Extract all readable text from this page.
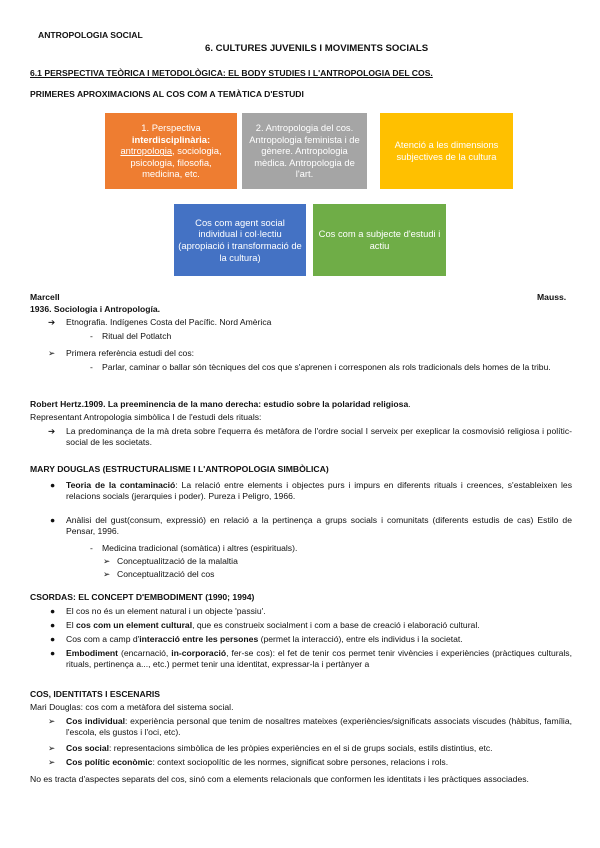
ANTROPOLOGIA SOCIAL
6. CULTURES JUVENILS I MOVIMENTS SOCIALS
6.1 PERSPECTIVA TEÒRICA I METODOLÒGICA: EL BODY STUDIES I L'ANTROPOLOGIA DEL COS.
PRIMERES APROXIMACIONS AL COS COM A TEMÀTICA D'ESTUDI
1. Perspectiva
interdisciplinària:
antropologia, sociologia,
psicologia, filosofia,
medicina, etc.
2. Antropologia del cos. Antropologia feminista i de gènere. Antropologia mèdica. Antropologia de l'art.
Atenció a les dimensions subjectives de la cultura
Cos com agent social individual i col·lectiu (apropiació i transformació de la cultura)
Cos com a subjecte d'estudi i actiu
Marcell	Mauss.
1936. Sociologia i Antropología.
➔ Etnografia. Indígenes Costa del Pacífic. Nord Amèrica
- Ritual del Potlatch
➢ Primera referència estudi del cos:
- Parlar, caminar o ballar són tècniques del cos que s'aprenen i corresponen als rols tradicionals dels homes de la tribu.
Robert Hertz.1909. La preeminencia de la mano derecha: estudio sobre la polaridad religiosa.
Representant Antropologia simbòlica I de l'estudi dels rituals:
➔ La predominança de la mà dreta sobre l'equerra és metàfora de l'ordre social I serveix per exeplicar la cosmovisió religiosa i polític-social de les societats.
MARY DOUGLAS (ESTRUCTURALISME I L'ANTROPOLOGIA SIMBÒLICA)
● Teoria de la contaminació: La relació entre elements i objectes purs i impurs en diferents rituals i creences, s'estableixen les relacions socials (jerarquies i poder). Pureza i Peligro, 1966.
● Anàlisi del gust(consum, expressió) en relació a la pertinença a grups socials i comunitats (diferents estudis de cas) Estilo de Pensar, 1996.
- Medicina tradicional (somàtica) i altres (espirituals).
➢ Conceptualització de la malaltia
➢ Conceptualització del cos
CSORDAS: EL CONCEPT D'EMBODIMENT (1990; 1994)
● El cos no és un element natural i un objecte 'passiu'.
● El cos com un element cultural, que es construeix socialment i com a base de creació i elaboració cultural.
● Cos com a camp d'interacció entre les persones (permet la interacció), entre els individus i la societat.
● Embodiment (encarnació, in-corporació, fer-se cos): el fet de tenir cos permet tenir vivències i experiències (pràctiques culturals, rituals, pertinença a..., etc.) permet tenir una identitat, expressar-la i pertànyer a
COS, IDENTITATS I ESCENARIS
Mari Douglas: cos com a metàfora del sistema social.
➢ Cos individual: experiència personal que tenim de nosaltres mateixes (experiències/significats associats viscudes (hàbitus, família, l'escola, els gustos i l'oci, etc).
➢ Cos social: representacions simbòlica de les pròpies experiències en el si de grups socials, estils distintius, etc.
➢ Cos polític econòmic: context sociopolític de les normes, significat sobre persones, relacions i rols.
No es tracta d'aspectes separats del cos, sinó com a elements relacionals que conformen les identitats i les pràctiques associades.
